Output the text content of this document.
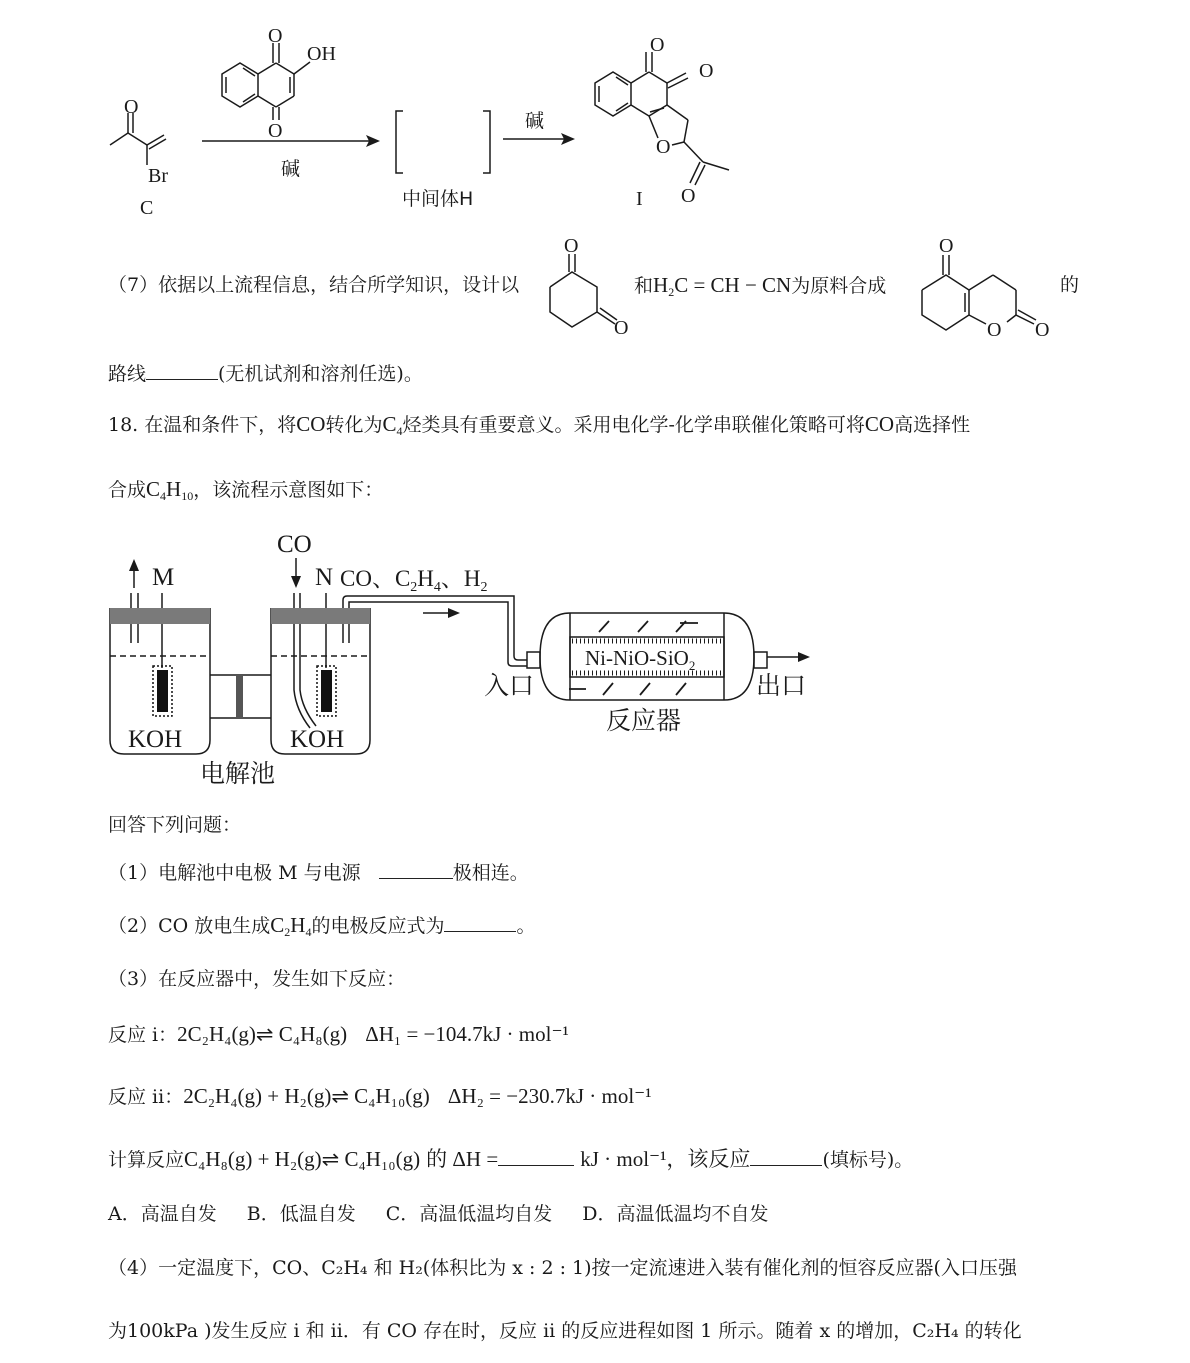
O
Br
C
O
OH
O
碱
中间体H
碱
O
O
O
O
I
（7）依据以上流程信息，结合所学知识，设计以
O
O
和$H_2C$ = CH − CN为原料合成
O
O O
的
路线	(无机试剂和溶剂任选)。
18. 在温和条件下，将CO转化为$C_4$烃类具有重要意义。采用电化学-化学串联催化策略可将CO高选择性
合成$C_4H_{10}$，该流程示意图如下：
M
KOH
CO
N CO、$C_2H_4$、$H_2$
KOH
电解池
Ni-NiO-SiO$_2$
入口	出口
反应器
回答下列问题：
（1）电解池中电极 M 与电源	极相连。
（2）CO 放电生成$C_2H_4$的电极反应式为	。
（3）在反应器中，发生如下反应：
反应 i：2C₂H₄(g)⇌ C₄H₈(g) ΔH₁ = −104.7kJ · mol⁻¹
反应 ii：2C₂H₄(g) + H₂(g)⇌ C₄H₁₀(g) ΔH₂ = −230.7kJ · mol⁻¹
计算反应C₄H₈(g) + H₂(g)⇌ C₄H₁₀(g) 的 ΔH =	kJ · mol⁻¹，该反应	(填标号)。
A．高温自发 B．低温自发 C．高温低温均自发 D．高温低温均不自发
（4）一定温度下，CO、C₂H₄ 和 H₂(体积比为 x : 2 : 1)按一定流速进入装有催化剂的恒容反应器(入口压强
为100kPa )发生反应 i 和 ii．有 CO 存在时，反应 ii 的反应进程如图 1 所示。随着 x 的增加，C₂H₄ 的转化
